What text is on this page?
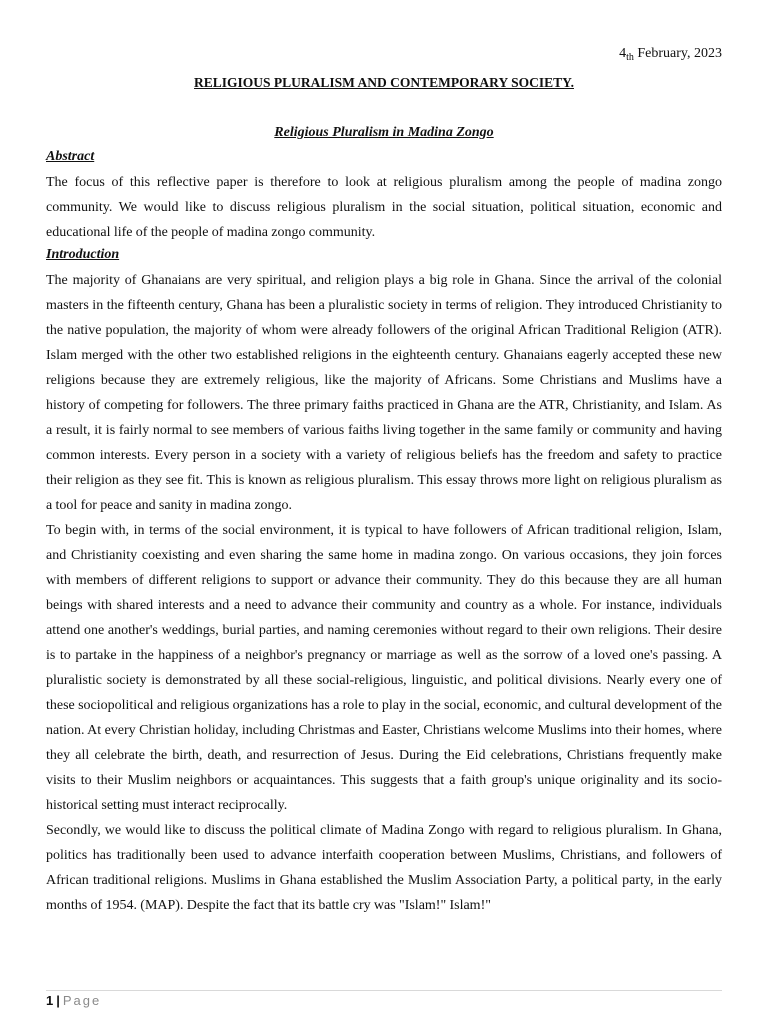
$4_{th}$ February, 2023
RELIGIOUS PLURALISM AND CONTEMPORARY SOCIETY.
Religious Pluralism in Madina Zongo
Abstract

The focus of this reflective paper is therefore to look at religious pluralism among the people of madina zongo community. We would like to discuss religious pluralism in the social situation, political situation, economic and educational life of the people of madina zongo community.

Introduction

The majority of Ghanaians are very spiritual, and religion plays a big role in Ghana. Since the arrival of the colonial masters in the fifteenth century, Ghana has been a pluralistic society in terms of religion. They introduced Christianity to the native population, the majority of whom were already followers of the original African Traditional Religion (ATR). Islam merged with the other two established religions in the eighteenth century. Ghanaians eagerly accepted these new religions because they are extremely religious, like the majority of Africans. Some Christians and Muslims have a history of competing for followers. The three primary faiths practiced in Ghana are the ATR, Christianity, and Islam. As a result, it is fairly normal to see members of various faiths living together in the same family or community and having common interests. Every person in a society with a variety of religious beliefs has the freedom and safety to practice their religion as they see fit. This is known as religious pluralism. This essay throws more light on religious pluralism as a tool for peace and sanity in madina zongo.

To begin with, in terms of the social environment, it is typical to have followers of African traditional religion, Islam, and Christianity coexisting and even sharing the same home in madina zongo. On various occasions, they join forces with members of different religions to support or advance their community. They do this because they are all human beings with shared interests and a need to advance their community and country as a whole. For instance, individuals attend one another's weddings, burial parties, and naming ceremonies without regard to their own religions. Their desire is to partake in the happiness of a neighbor's pregnancy or marriage as well as the sorrow of a loved one's passing. A pluralistic society is demonstrated by all these social-religious, linguistic, and political divisions. Nearly every one of these sociopolitical and religious organizations has a role to play in the social, economic, and cultural development of the nation. At every Christian holiday, including Christmas and Easter, Christians welcome Muslims into their homes, where they all celebrate the birth, death, and resurrection of Jesus. During the Eid celebrations, Christians frequently make visits to their Muslim neighbors or acquaintances. This suggests that a faith group's unique originality and its socio-historical setting must interact reciprocally.

Secondly, we would like to discuss the political climate of Madina Zongo with regard to religious pluralism. In Ghana, politics has traditionally been used to advance interfaith cooperation between Muslims, Christians, and followers of African traditional religions. Muslims in Ghana established the Muslim Association Party, a political party, in the early months of 1954. (MAP). Despite the fact that its battle cry was "Islam!" Islam!"

1 | Page
